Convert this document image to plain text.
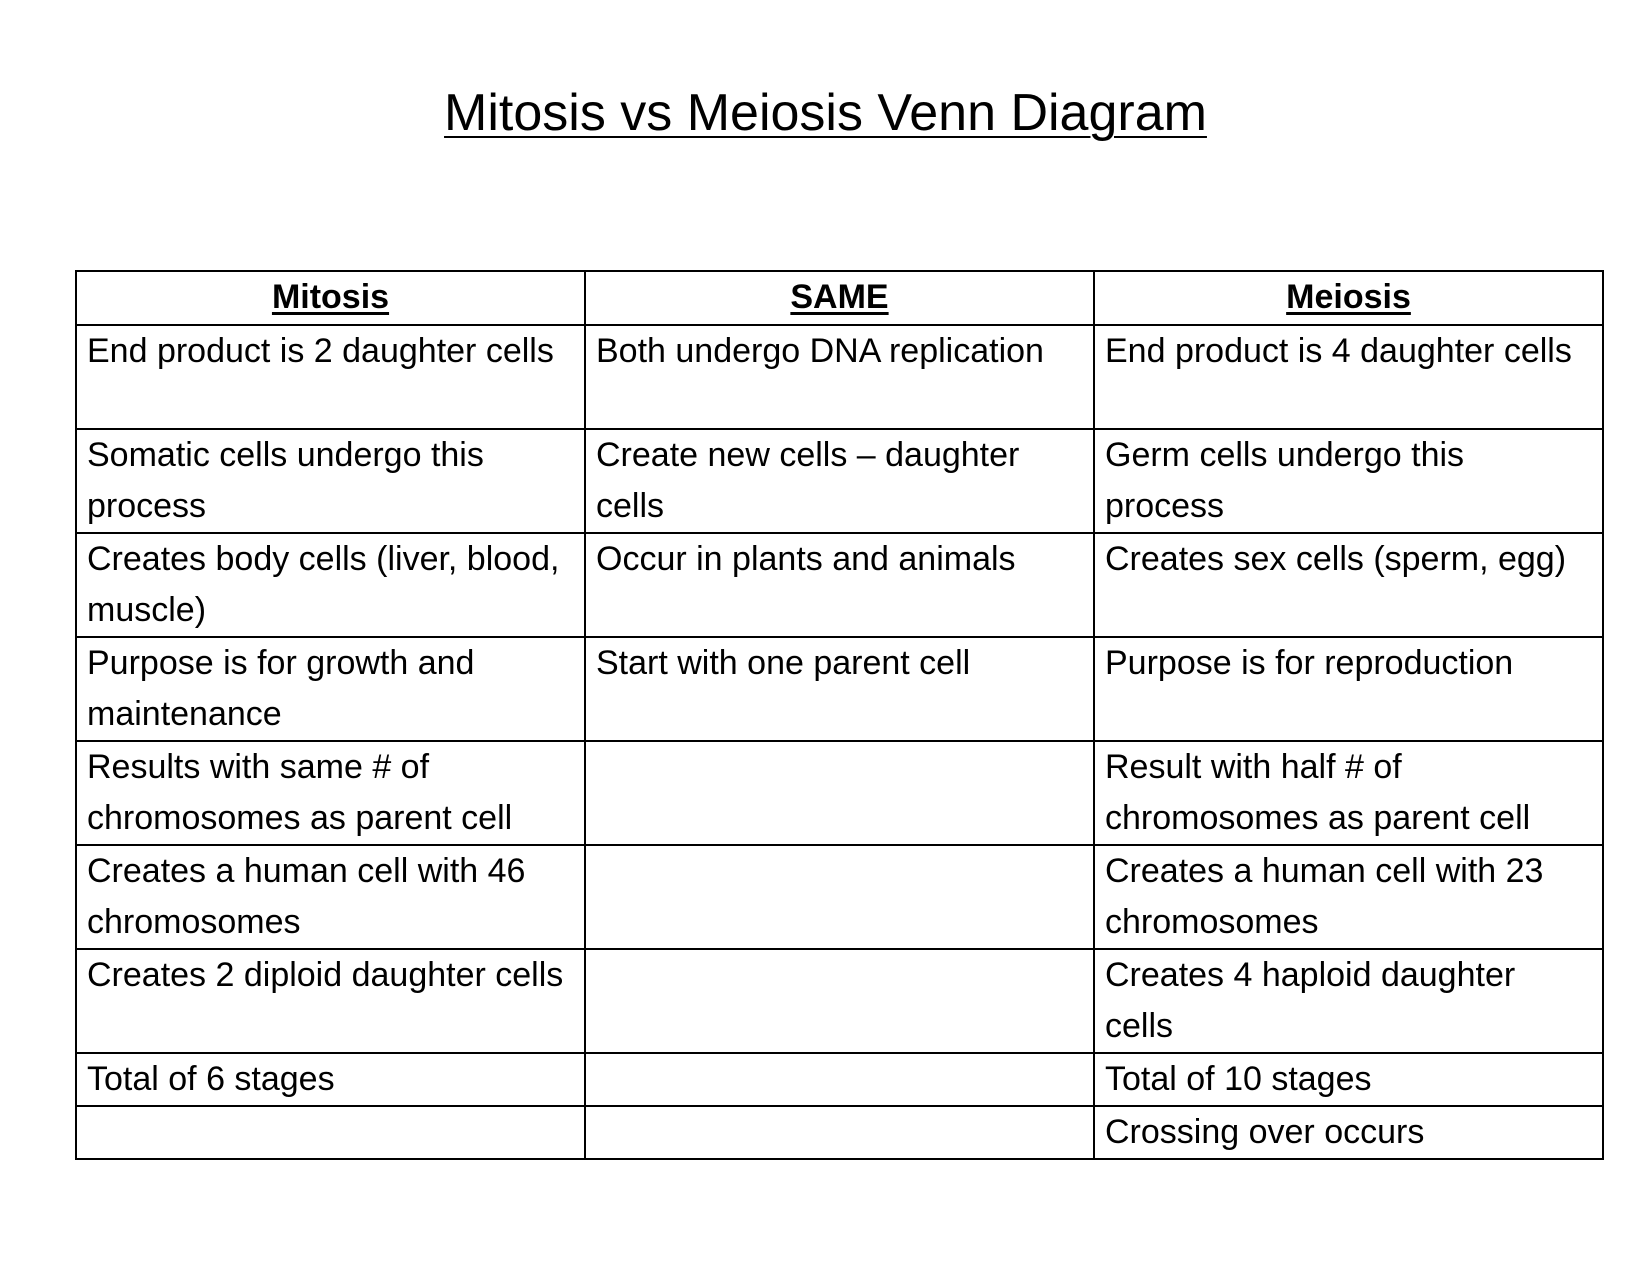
Mitosis vs Meiosis Venn Diagram
Mitosis	SAME	Meiosis
End product is 2 daughter cells	Both undergo DNA replication	End product is 4 daughter cells
Somatic cells undergo this process	Create new cells – daughter cells	Germ cells undergo this process
Creates body cells (liver, blood, muscle)	Occur in plants and animals	Creates sex cells (sperm, egg)
Purpose is for growth and maintenance	Start with one parent cell	Purpose is for reproduction
Results with same # of chromosomes as parent cell		Result with half # of chromosomes as parent cell
Creates a human cell with 46 chromosomes		Creates a human cell with 23 chromosomes
Creates 2 diploid daughter cells		Creates 4 haploid daughter cells
Total of 6 stages		Total of 10 stages
		Crossing over occurs
